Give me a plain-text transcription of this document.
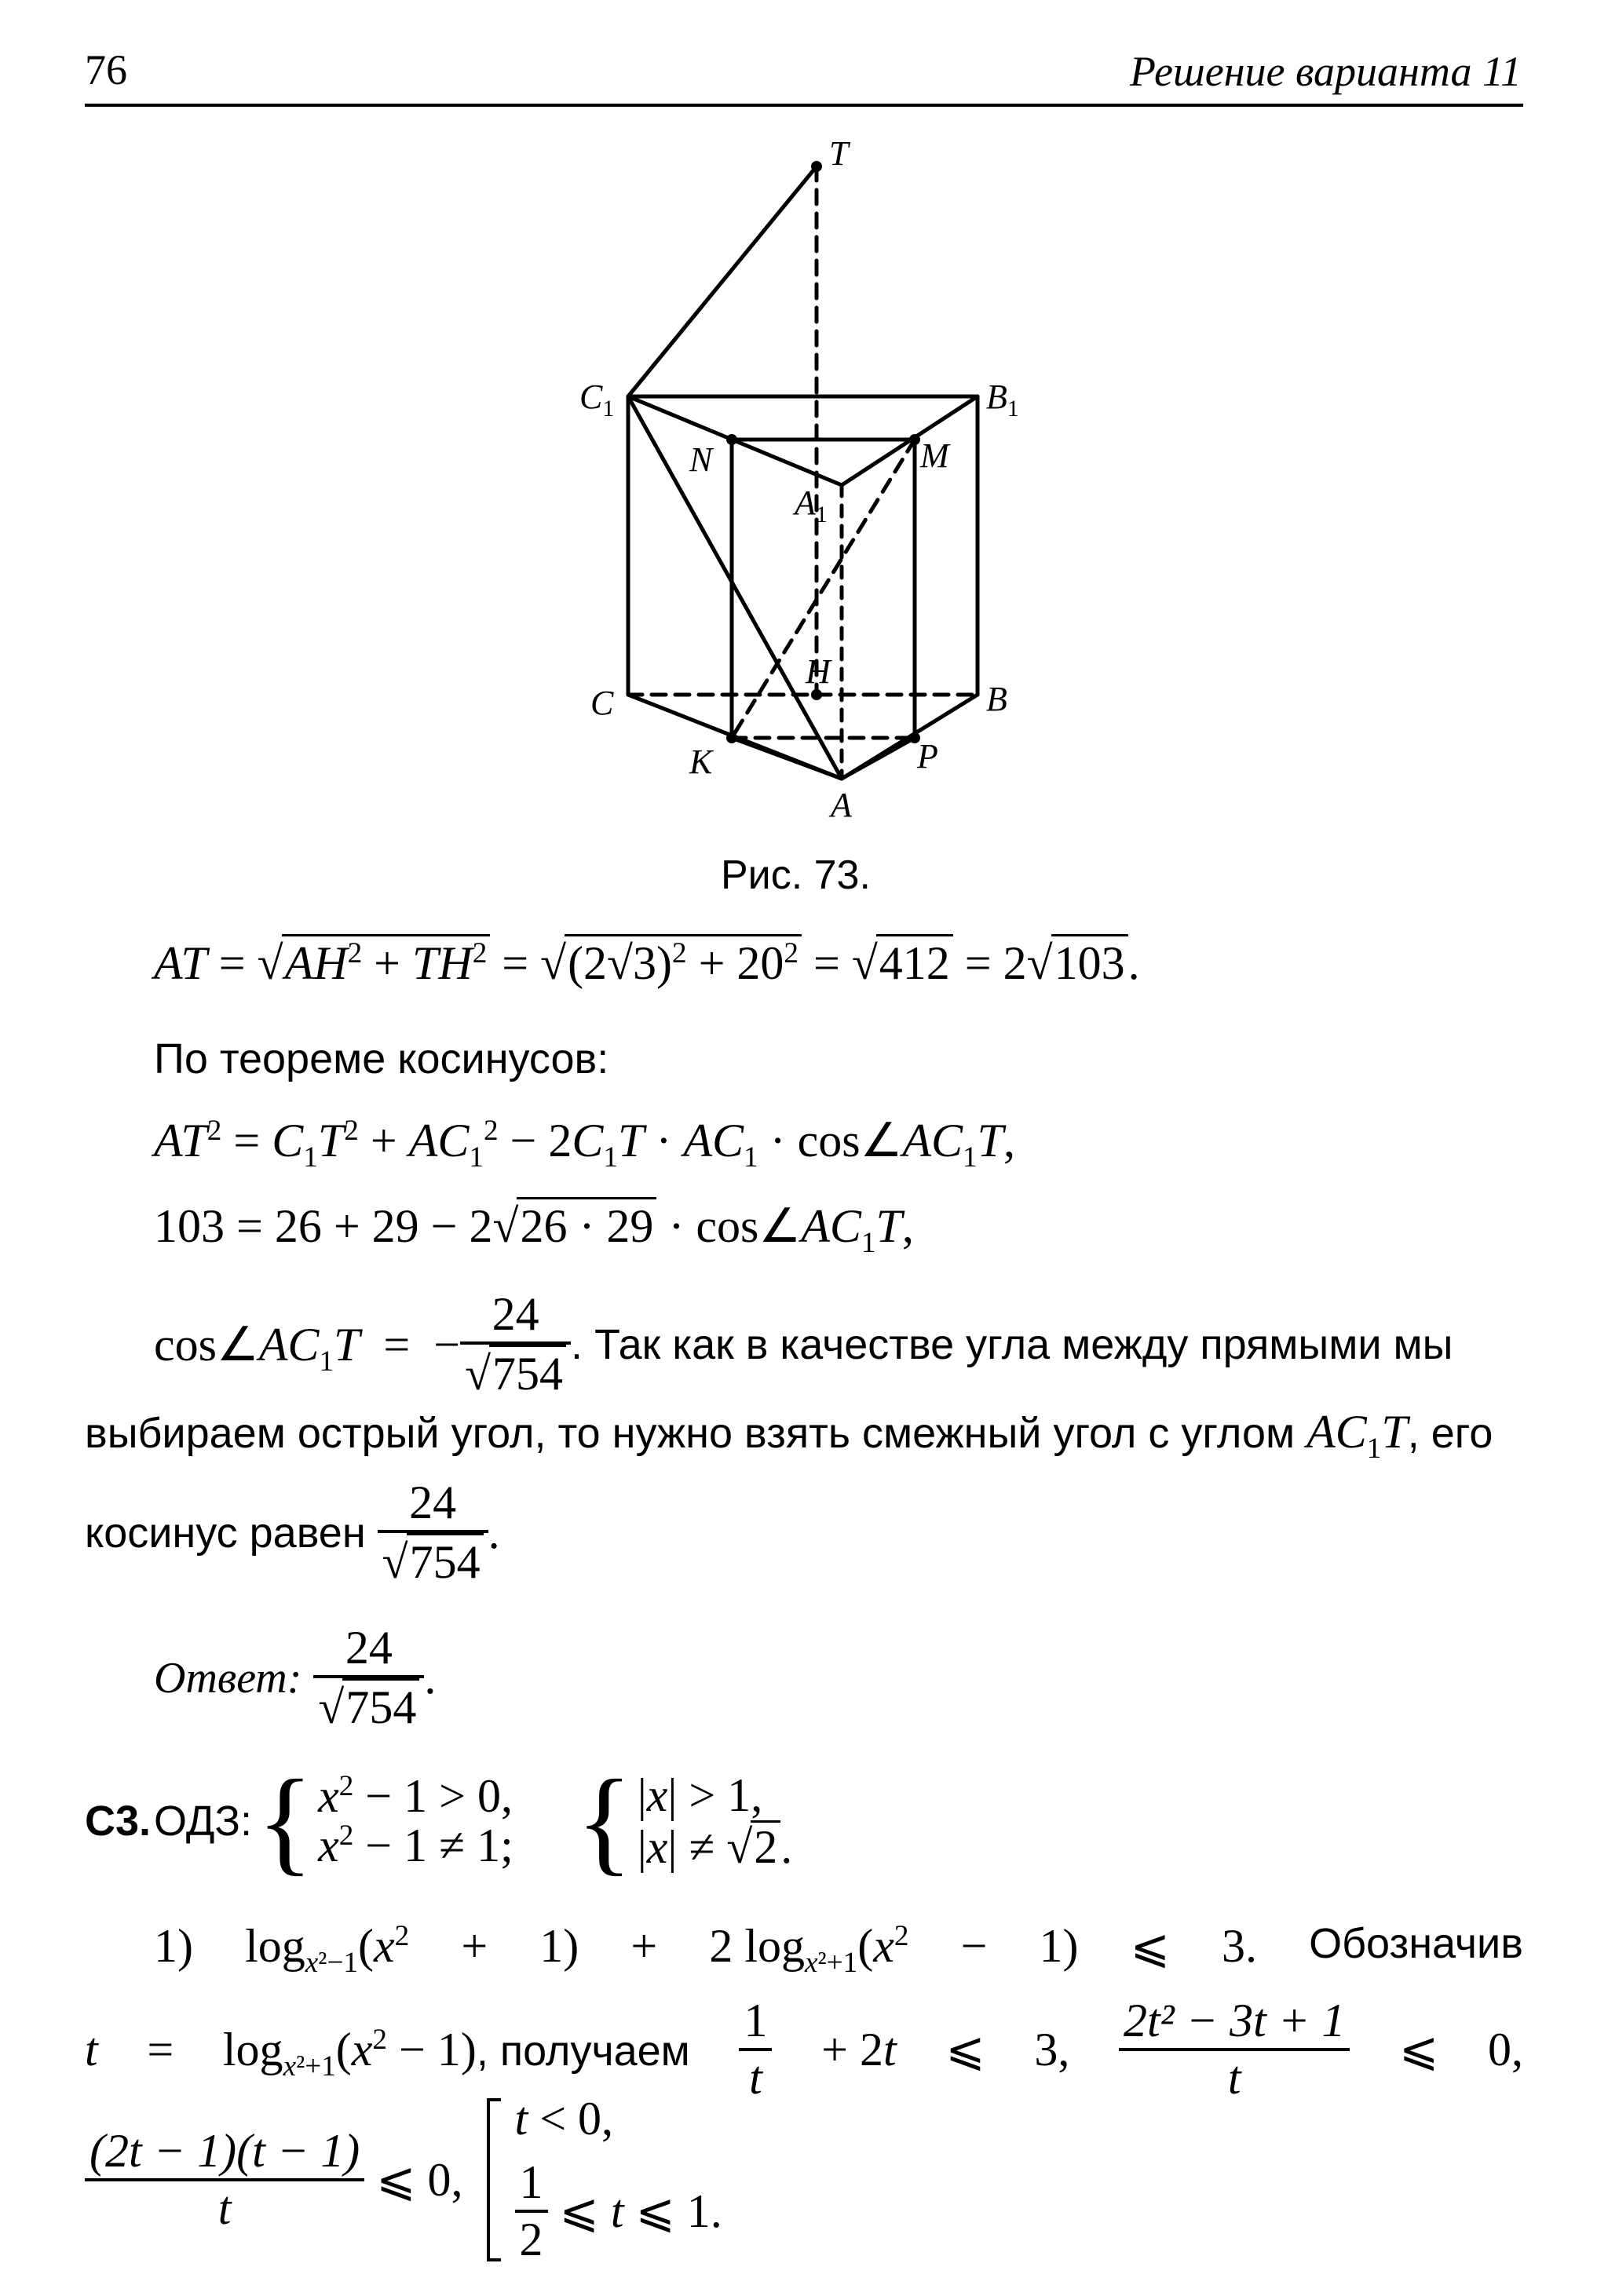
76	Решение варианта 11
T
$C_1$	$B_1$
N	M
$A_1$
H
C	B
K	P
A
Рис. 73.
AT = $√AH^2 + TH^2 = √(2√3)^2 + 20^2 = √412 = 2√103$.
По теореме косинусов:
$AT^2 = C_1T^2 + AC_1^2 - 2C_1T \cdot AC_1$ · $\cos\angle AC_1T$,
$103 = 26 + 29 - 2√26 \cdot 29 \cdot \cos\angle AC_1T$,
$\cos\angle AC_1T$  =  − $\frac{24}{√754}$ . Так как в качестве угла между прямыми мы
выбираем острый угол, то нужно взять смежный угол с углом $AC_1T$, его
косинус равен
$\frac{24}{√754}$ .
Ответ:
$\frac{24}{√754}$ .
С3.
ОДЗ: { $x^2 - 1 > 0$,
$x^2 - 1 \ne 1$; { |x| > 1,
|x| ≠ √2.
1) $\log_{x^2-1}(x^2 + 1) + 2$ $\log_{x^2+1}(x^2 - 1)$ ⩽ 3. Обозначив
$t = \log_{x^2+1}(x^2 - 1)$, получаем $\frac{1}{t} + 2t$ ⩽ 3, $\frac{\text{2t² − 3t + 1}}{t}$ ⩽ 0,
$\frac{(2t - 1)(t - 1)}{t}$ ⩽ 0,
t < 0,
$\frac{1}{2}$ ⩽ t ⩽ 1.
